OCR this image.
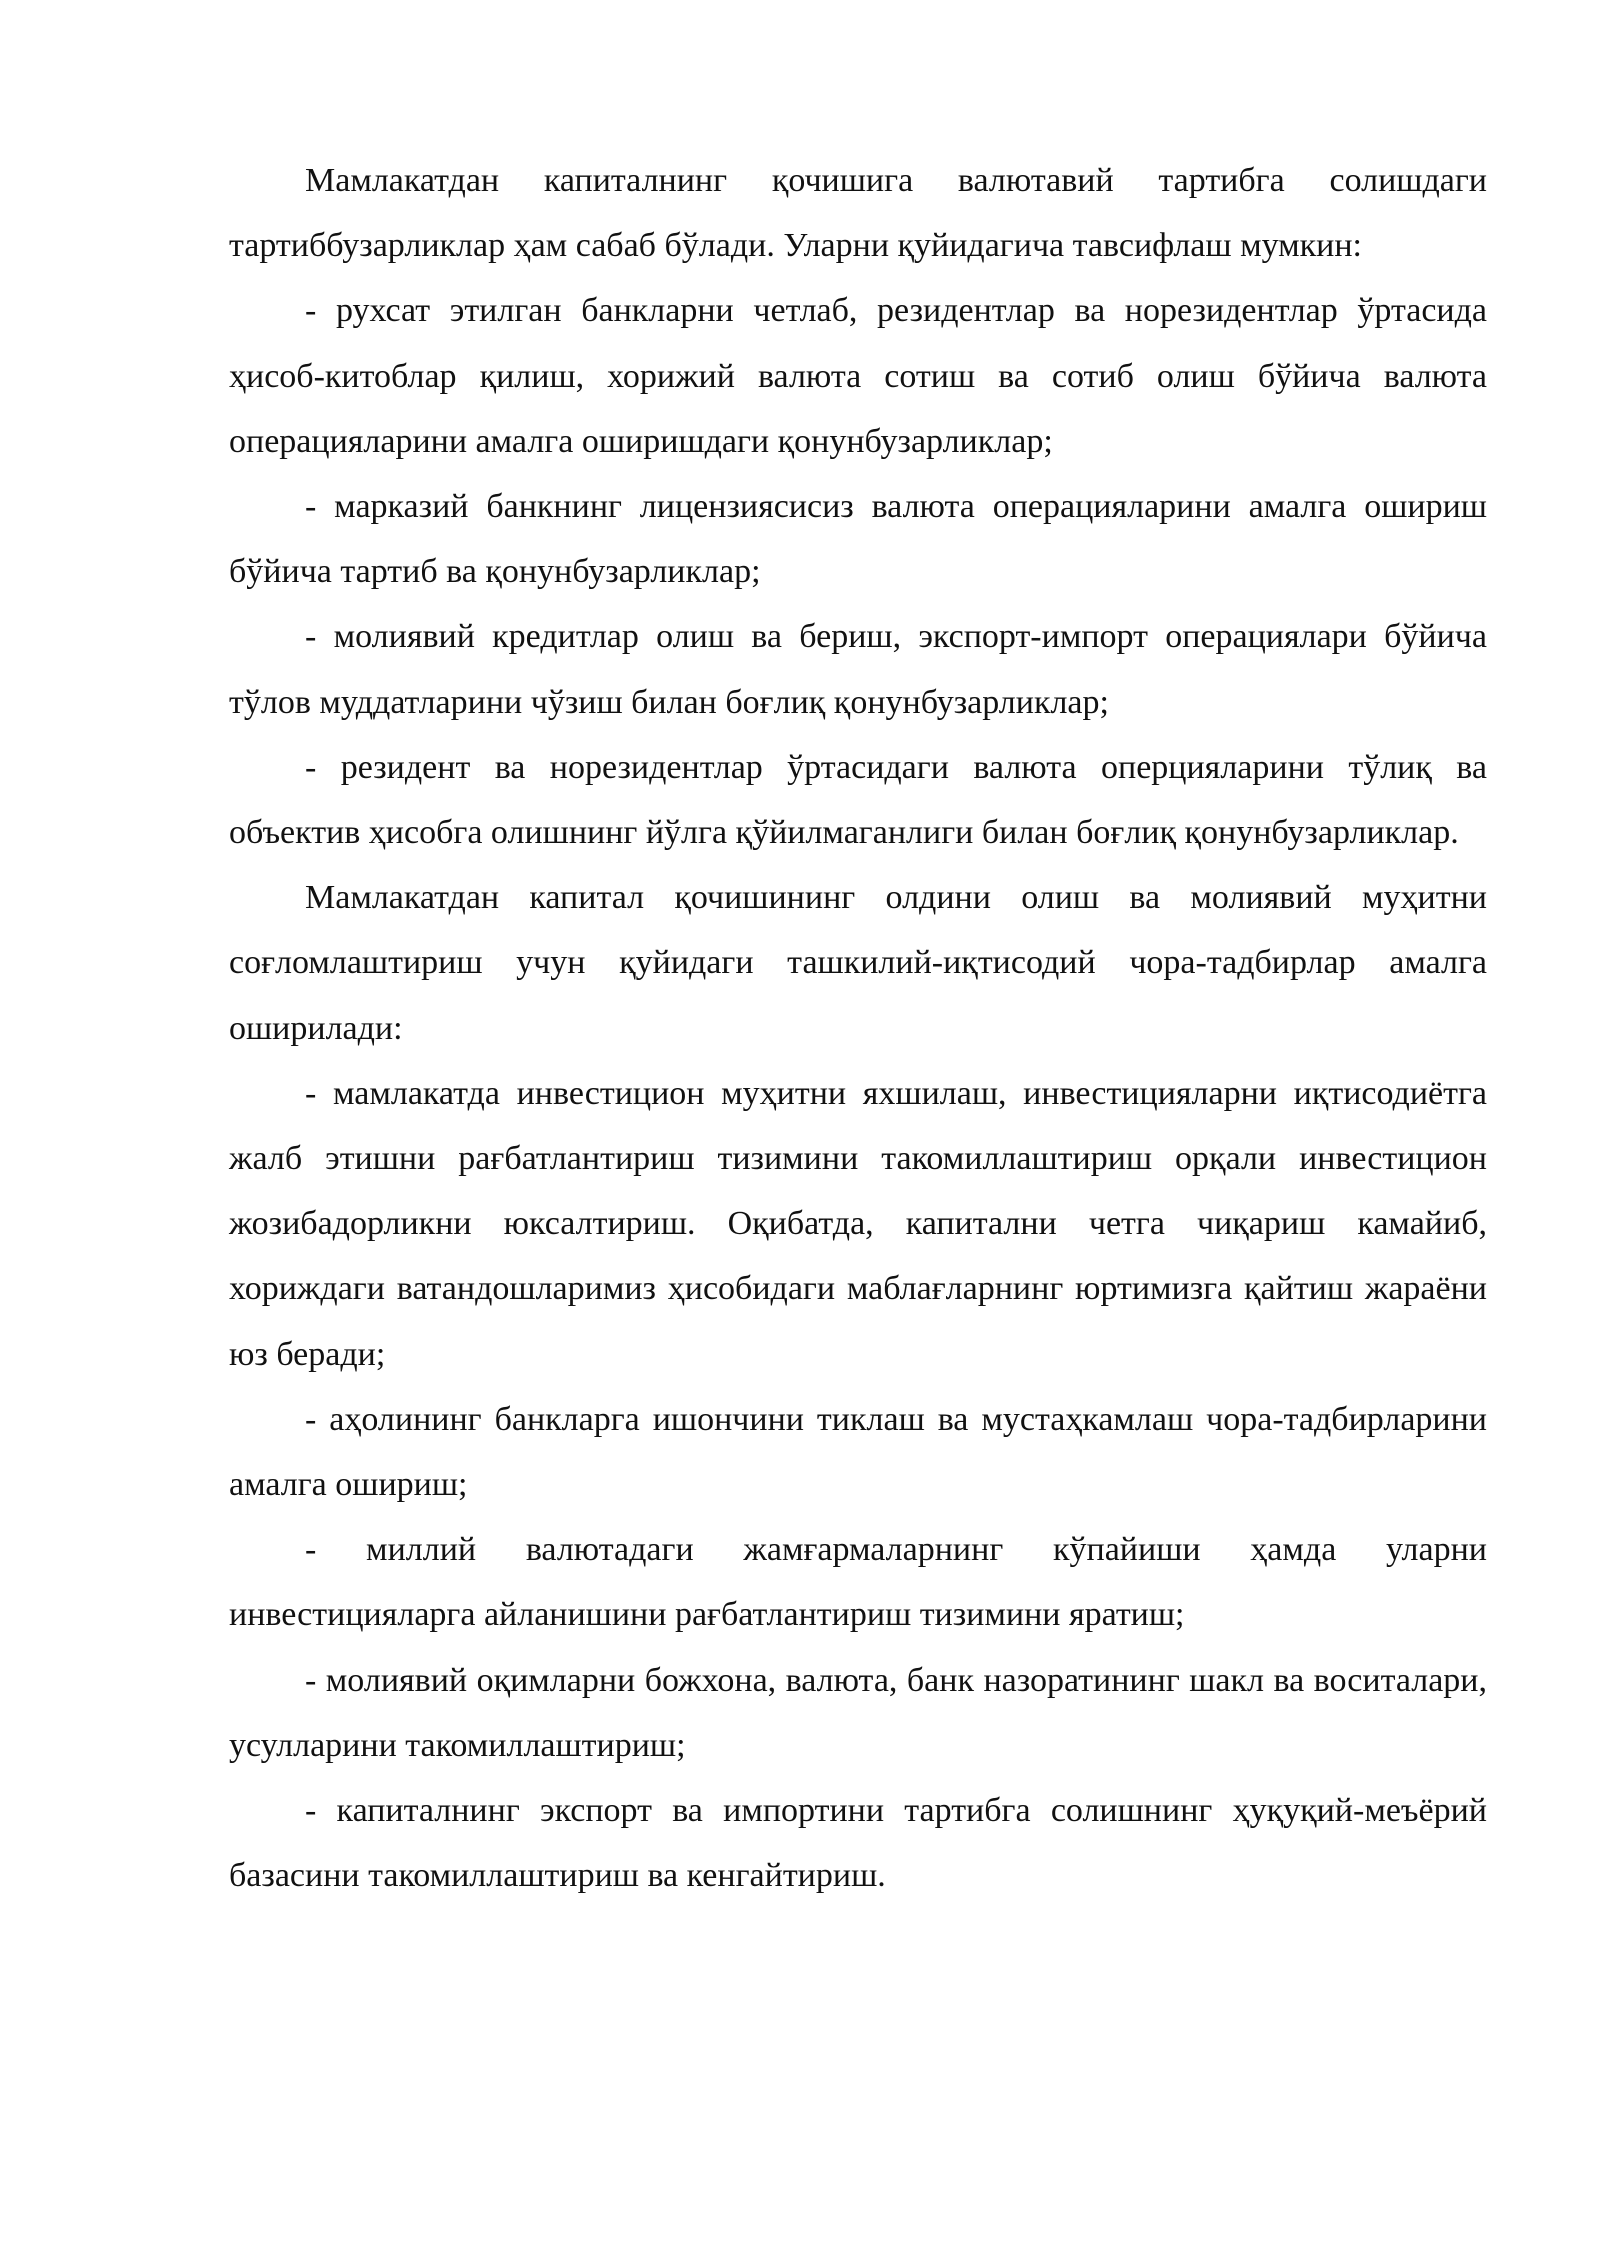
Мамлакатдан капиталнинг қочишига валютавий тартибга солишдаги тартиббузарликлар ҳам сабаб бўлади. Уларни қуйидагича тавсифлаш мумкин:

- рухсат этилган банкларни четлаб, резидентлар ва норезидентлар ўртасида ҳисоб-китоблар қилиш, хорижий валюта сотиш ва сотиб олиш бўйича валюта операцияларини амалга оширишдаги қонунбузарликлар;

- марказий банкнинг лицензиясисиз валюта операцияларини амалга ошириш бўйича тартиб ва қонунбузарликлар;

- молиявий кредитлар олиш ва бериш, экспорт-импорт операциялари бўйича тўлов муддатларини чўзиш билан боғлиқ қонунбузарликлар;

- резидент ва норезидентлар ўртасидаги валюта оперцияларини тўлиқ ва объектив ҳисобга олишнинг йўлга қўйилмаганлиги билан боғлиқ қонунбузарликлар.

Мамлакатдан капитал қочишининг олдини олиш ва молиявий муҳитни соғломлаштириш учун қуйидаги ташкилий-иқтисодий чора-тадбирлар амалга оширилади:

- мамлакатда инвестицион муҳитни яхшилаш, инвестицияларни иқтисодиётга жалб этишни рағбатлантириш тизимини такомиллаштириш орқали инвестицион жозибадорликни юксалтириш. Оқибатда, капитални четга чиқариш камайиб, хориждаги ватандошларимиз ҳисобидаги маблағларнинг юртимизга қайтиш жараёни юз беради;

- аҳолининг банкларга ишончини тиклаш ва мустаҳкамлаш чора-тадбирларини амалга ошириш;

- миллий валютадаги жамғармаларнинг кўпайиши ҳамда уларни инвестицияларга айланишини рағбатлантириш тизимини яратиш;

- молиявий оқимларни божхона, валюта, банк назоратининг шакл ва воситалари, усулларини такомиллаштириш;

- капиталнинг экспорт ва импортини тартибга солишнинг ҳуқуқий-меъёрий базасини такомиллаштириш ва кенгайтириш.
